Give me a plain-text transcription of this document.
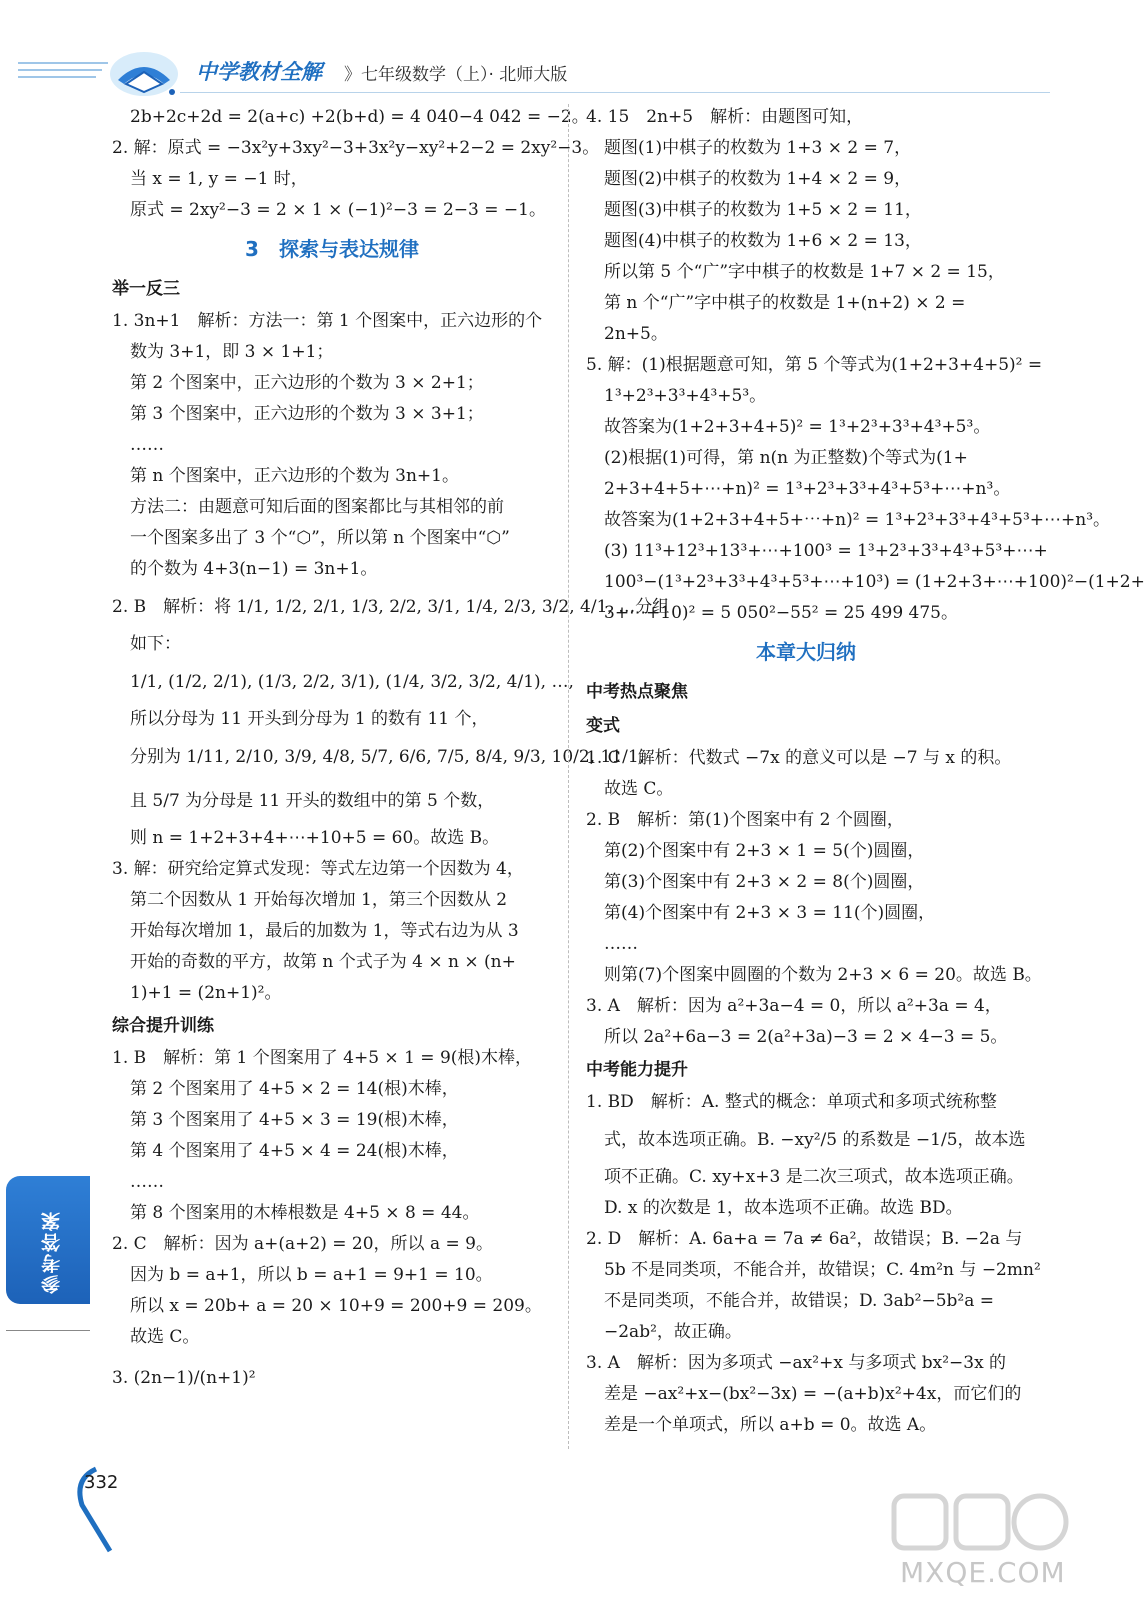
中学教材全解 》七年级数学（上）· 北师大版
2b+2c+2d = 2(a+c) +2(b+d) = 4 040−4 042 = −2。
2. 解：原式 = −3x²y+3xy²−3+3x²y−xy²+2−2 = 2xy²−3。
当 x = 1, y = −1 时，
原式 = 2xy²−3 = 2 × 1 × (−1)²−3 = 2−3 = −1。
3　探索与表达规律
举一反三
1. 3n+1　解析：方法一：第 1 个图案中，正六边形的个
数为 3+1，即 3 × 1+1；
第 2 个图案中，正六边形的个数为 3 × 2+1；
第 3 个图案中，正六边形的个数为 3 × 3+1；
……
第 n 个图案中，正六边形的个数为 3n+1。
方法二：由题意可知后面的图案都比与其相邻的前
一个图案多出了 3 个“⬡”，所以第 n 个图案中“⬡”
的个数为 4+3(n−1) = 3n+1。
2. B　解析：将 1/1, 1/2, 2/1, 1/3, 2/2, 3/1, 1/4, 2/3, 3/2, 4/1, …分组
如下：
1/1, (1/2, 2/1), (1/3, 2/2, 3/1), (1/4, 3/2, 3/2, 4/1), …,
所以分母为 11 开头到分母为 1 的数有 11 个，
分别为 1/11, 2/10, 3/9, 4/8, 5/7, 6/6, 7/5, 8/4, 9/3, 10/2, 11/1,
且 5/7 为分母是 11 开头的数组中的第 5 个数，
则 n = 1+2+3+4+⋯+10+5 = 60。故选 B。
3. 解：研究给定算式发现：等式左边第一个因数为 4，
第二个因数从 1 开始每次增加 1，第三个因数从 2
开始每次增加 1，最后的加数为 1，等式右边为从 3
开始的奇数的平方，故第 n 个式子为 4 × n × (n+
1)+1 = (2n+1)²。
综合提升训练
1. B　解析：第 1 个图案用了 4+5 × 1 = 9(根)木棒，
第 2 个图案用了 4+5 × 2 = 14(根)木棒，
第 3 个图案用了 4+5 × 3 = 19(根)木棒，
第 4 个图案用了 4+5 × 4 = 24(根)木棒，
……
第 8 个图案用的木棒根数是 4+5 × 8 = 44。
2. C　解析：因为 a+(a+2) = 20，所以 a = 9。
因为 b = a+1，所以 b = a+1 = 9+1 = 10。
所以 x = 20b+ a = 20 × 10+9 = 200+9 = 209。
故选 C。
3. (2n−1)/(n+1)²
4. 15　2n+5　解析：由题图可知，
题图(1)中棋子的枚数为 1+3 × 2 = 7，
题图(2)中棋子的枚数为 1+4 × 2 = 9，
题图(3)中棋子的枚数为 1+5 × 2 = 11，
题图(4)中棋子的枚数为 1+6 × 2 = 13，
所以第 5 个“广”字中棋子的枚数是 1+7 × 2 = 15，
第 n 个“广”字中棋子的枚数是 1+(n+2) × 2 =
2n+5。
5. 解：(1)根据题意可知，第 5 个等式为(1+2+3+4+5)² =
1³+2³+3³+4³+5³。
故答案为(1+2+3+4+5)² = 1³+2³+3³+4³+5³。
(2)根据(1)可得，第 n(n 为正整数)个等式为(1+
2+3+4+5+⋯+n)² = 1³+2³+3³+4³+5³+⋯+n³。
故答案为(1+2+3+4+5+⋯+n)² = 1³+2³+3³+4³+5³+⋯+n³。
(3) 11³+12³+13³+⋯+100³ = 1³+2³+3³+4³+5³+⋯+
100³−(1³+2³+3³+4³+5³+⋯+10³) = (1+2+3+⋯+100)²−(1+2+
3+⋯+10)² = 5 050²−55² = 25 499 475。
本章大归纳
中考热点聚焦
变式
1. C　解析：代数式 −7x 的意义可以是 −7 与 x 的积。
故选 C。
2. B　解析：第(1)个图案中有 2 个圆圈，
第(2)个图案中有 2+3 × 1 = 5(个)圆圈，
第(3)个图案中有 2+3 × 2 = 8(个)圆圈，
第(4)个图案中有 2+3 × 3 = 11(个)圆圈，
……
则第(7)个图案中圆圈的个数为 2+3 × 6 = 20。故选 B。
3. A　解析：因为 a²+3a−4 = 0，所以 a²+3a = 4，
所以 2a²+6a−3 = 2(a²+3a)−3 = 2 × 4−3 = 5。
中考能力提升
1. BD　解析：A. 整式的概念：单项式和多项式统称整
式，故本选项正确。B. −xy²/5 的系数是 −1/5，故本选
项不正确。C. xy+x+3 是二次三项式，故本选项正确。
D. x 的次数是 1，故本选项不正确。故选 BD。
2. D　解析：A. 6a+a = 7a ≠ 6a²，故错误；B. −2a 与
5b 不是同类项，不能合并，故错误；C. 4m²n 与 −2mn²
不是同类项，不能合并，故错误；D. 3ab²−5b²a =
−2ab²，故正确。
3. A　解析：因为多项式 −ax²+x 与多项式 bx²−3x 的
差是 −ax²+x−(bx²−3x) = −(a+b)x²+4x，而它们的
差是一个单项式，所以 a+b = 0。故选 A。
参考答案
332
MXQE.COM
